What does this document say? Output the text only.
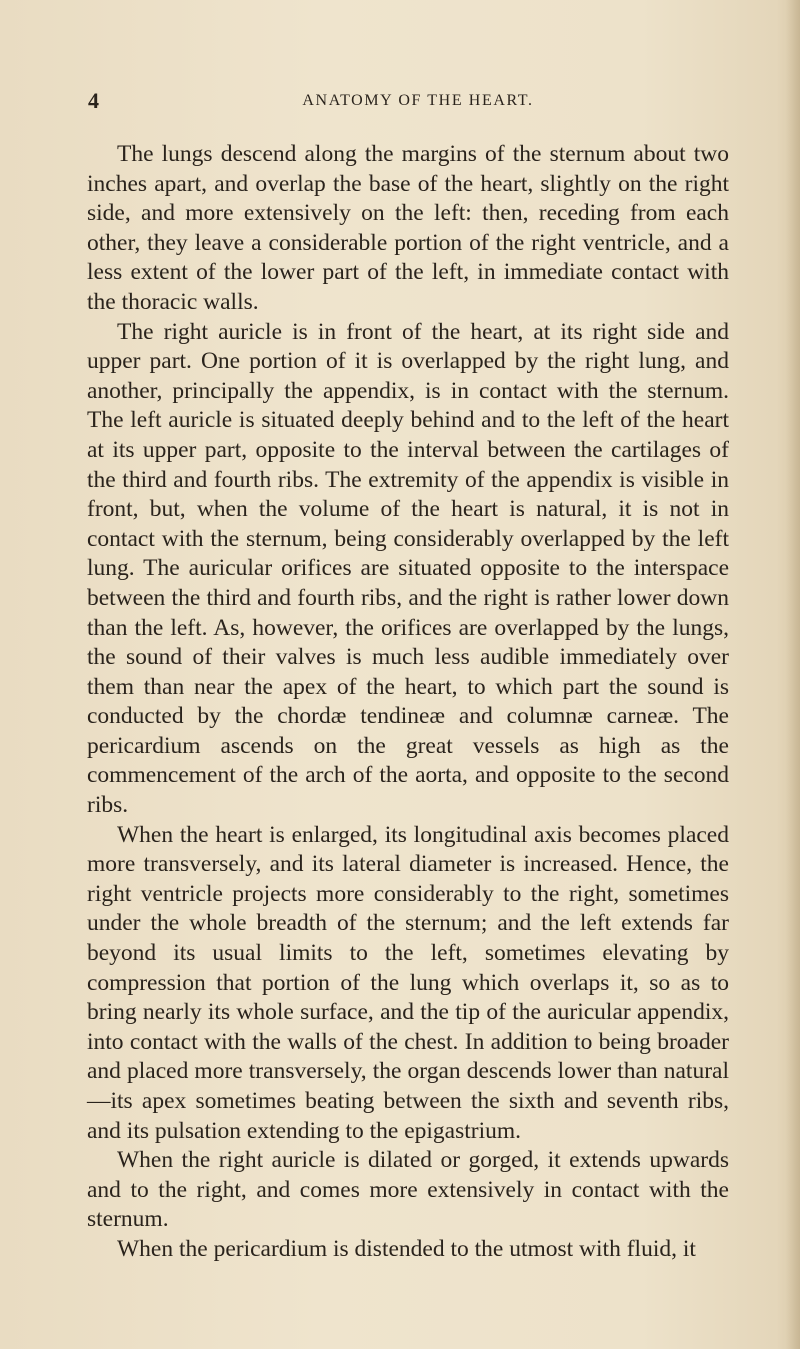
4	ANATOMY OF THE HEART.

The lungs descend along the margins of the sternum about two inches apart, and overlap the base of the heart, slightly on the right side, and more extensively on the left: then, receding from each other, they leave a considerable portion of the right ventricle, and a less extent of the lower part of the left, in immediate contact with the thoracic walls.

The right auricle is in front of the heart, at its right side and upper part. One portion of it is overlapped by the right lung, and another, principally the appendix, is in contact with the sternum. The left auricle is situated deeply behind and to the left of the heart at its upper part, opposite to the interval between the cartilages of the third and fourth ribs. The extremity of the appendix is visible in front, but, when the volume of the heart is natural, it is not in contact with the sternum, being considerably overlapped by the left lung. The auricular orifices are situated opposite to the interspace between the third and fourth ribs, and the right is rather lower down than the left. As, however, the orifices are overlapped by the lungs, the sound of their valves is much less audible immediately over them than near the apex of the heart, to which part the sound is conducted by the chordæ tendineæ and columnæ carneæ. The pericardium ascends on the great vessels as high as the commencement of the arch of the aorta, and opposite to the second ribs.

When the heart is enlarged, its longitudinal axis becomes placed more transversely, and its lateral diameter is increased. Hence, the right ventricle projects more considerably to the right, sometimes under the whole breadth of the sternum; and the left extends far beyond its usual limits to the left, sometimes elevating by compression that portion of the lung which overlaps it, so as to bring nearly its whole surface, and the tip of the auricular appendix, into contact with the walls of the chest. In addition to being broader and placed more transversely, the organ descends lower than natural—its apex sometimes beating between the sixth and seventh ribs, and its pulsation extending to the epigastrium.

When the right auricle is dilated or gorged, it extends upwards and to the right, and comes more extensively in contact with the sternum.

When the pericardium is distended to the utmost with fluid, it
